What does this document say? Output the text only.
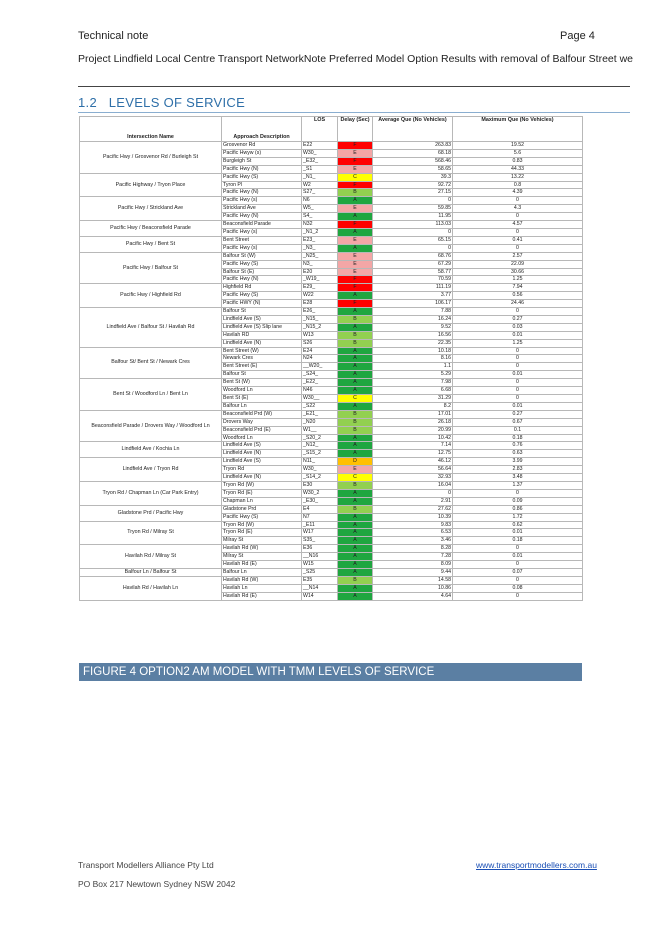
Technical note	Page 4
Project Lindfield Local Centre Transport NetworkNote Preferred Model Option Results with removal of Balfour Street we
1.2 LEVELS OF SERVICE
Intersection Name	Approach Description	LOS	Delay (Sec)	Average Que (No Vehicles)	Maximum Que (No Vehicles)	
Pacific Hwy / Grosvenor Rd / Burleigh St	Grosvenor Rd	E22	F	263.83	19.52	
	Pacific Hwyw (s)	W30_	E	68.18	5.6	
	Burgleigh St	_E32_	F	568.46	0.83	
	Pacific Hwy (N)	_S1	E	58.65	44.33	
Pacific Highway / Tryon Place	Pacific Hwy (S)	_N1_	C	39.3	13.22	
	Tyron Pl	W2	F	92.72	0.8	
	Pacific Hwy (N)	S27_	B	27.15	4.39	
Pacific Hwy / Strickland Ave	Pacific Hwy (s)	N6	A	0	0	
	Strickland Ave	W5_	E	59.85	4.3	
	Pacific Hwy (N)	S4_	A	11.95	0	
Pacific Hwy / Beaconsfield Parade	Beaconsfield Parade	N32	F	113.03	4.57	
	Pacific Hwy (s)	_N1_2	A	0	0	
Pacific Hwy / Bent St	Bent Street	E23_	E	65.15	0.41	
	Pacific Hwy (s)	_N3_	A	0	0	
Pacific Hwy / Balfour St	Balfour St (W)	_N25_	E	68.76	2.57	
	Pacific Hwy (S)	N3_	E	67.29	22.09	
	Balfour St (E)	E20	E	58.77	30.66	
	Pacific Hwy (N)	_W19_	F	70.59	1.25	
Pacific Hwy / Highfield Rd	Highfield Rd	E29_	F	111.19	7.94	
	Pacific Hwy (S)	W22	A	3.77	0.56	
	Pacific HWY (N)	E28	F	106.17	24.46	
Lindfield Ave / Balfour St / Havilah Rd	Balfour St	E26_	A	7.88	0	
	Lindfield Ave (S)	_N15_	B	16.24	0.27	
	Lindfield Ave (S) Slip lane	_N15_2	A	9.52	0.03	
	Havilah RD	W13	B	16.56	0.01	
	Lindfield Ave (N)	S26	B	22.35	1.25	
Balfour St/ Bent St / Newark Cres	Bent Street (W)	E24	A	10.18	0	
	Newark Cres	N24	A	8.16	0	
	Bent Street (E)	__W20_	A	1.1	0	
	Balfour St	_S24_	A	5.29	0.01	
Bent St / Woodford Ln / Bent Ln	Bent St (W)	_E22_	A	7.98	0	
	Woodford Ln	N46	A	6.68	0	
	Bent St (E)	W30__	C	31.29	0	
	Balfour Ln	_S22	A	8.2	0.01	
Beaconsfield Parade / Drovers Way / Woodford Ln	Beaconsfield Prd (W)	_E21_	B	17.01	0.27	
	Drovers Way	_N20	B	26.18	0.67	
	Beaconsfield Prd (E)	W1__	B	20.99	0.1	
	Woodford Ln	_S20_2	A	10.42	0.18	
Lindfield Ave / Kochia Ln	Lindfield Ave (S)	_N12_	A	7.14	0.76	
	Lindfield Ave (N)	_S15_2	A	12.75	0.63	
Lindfield Ave / Tryon Rd	Lindfield Ave (S)	N11_	D	46.12	3.99	
	Tryon Rd	W30_	E	56.64	2.83	
	Lindfield Ave (N)	_S14_2	C	32.93	3.48	
Tryon Rd / Chapman Ln (Car Park Entry)	Tryon Rd (W)	E30	B	16.04	1.37	
	Tryon Rd (E)	W30_2	A	0	0	
	Chapman Ln	_E30_	A	2.91	0.09	
Gladstone Prd / Pacific Hwy	Gladstone Prd	E4	B	27.62	0.86	
	Pacific Hwy (S)	N7	A	10.39	1.72	
Tryon Rd / Milray St	Tryon Rd (W)	_E11	A	9.83	0.62	
	Tryon Rd (E)	W17	A	6.53	0.01	
	Milray St	S35_	A	3.46	0.18	
Havilah Rd / Milray St	Havilah Rd (W)	E36	A	8.28	0	
	Milray St	__N16	A	7.28	0.01	
	Havilah Rd (E)	W15	A	8.09	0	
Balfour Ln / Balfour St	Balfour Ln	_S25	A	9.44	0.07	
Havilah Rd / Havilah Ln	Havilah Rd (W)	E35	B	14.58	0	
	Havilah Ln	__N14	A	10.86	0.08	
	Havilah Rd (E)	W14	A	4.64	0	
FIGURE 4 OPTION2 AM MODEL WITH TMM LEVELS OF SERVICE
Transport Modellers Alliance Pty Ltd
PO Box 217 Newtown Sydney NSW 2042
www.transportmodellers.com.au
